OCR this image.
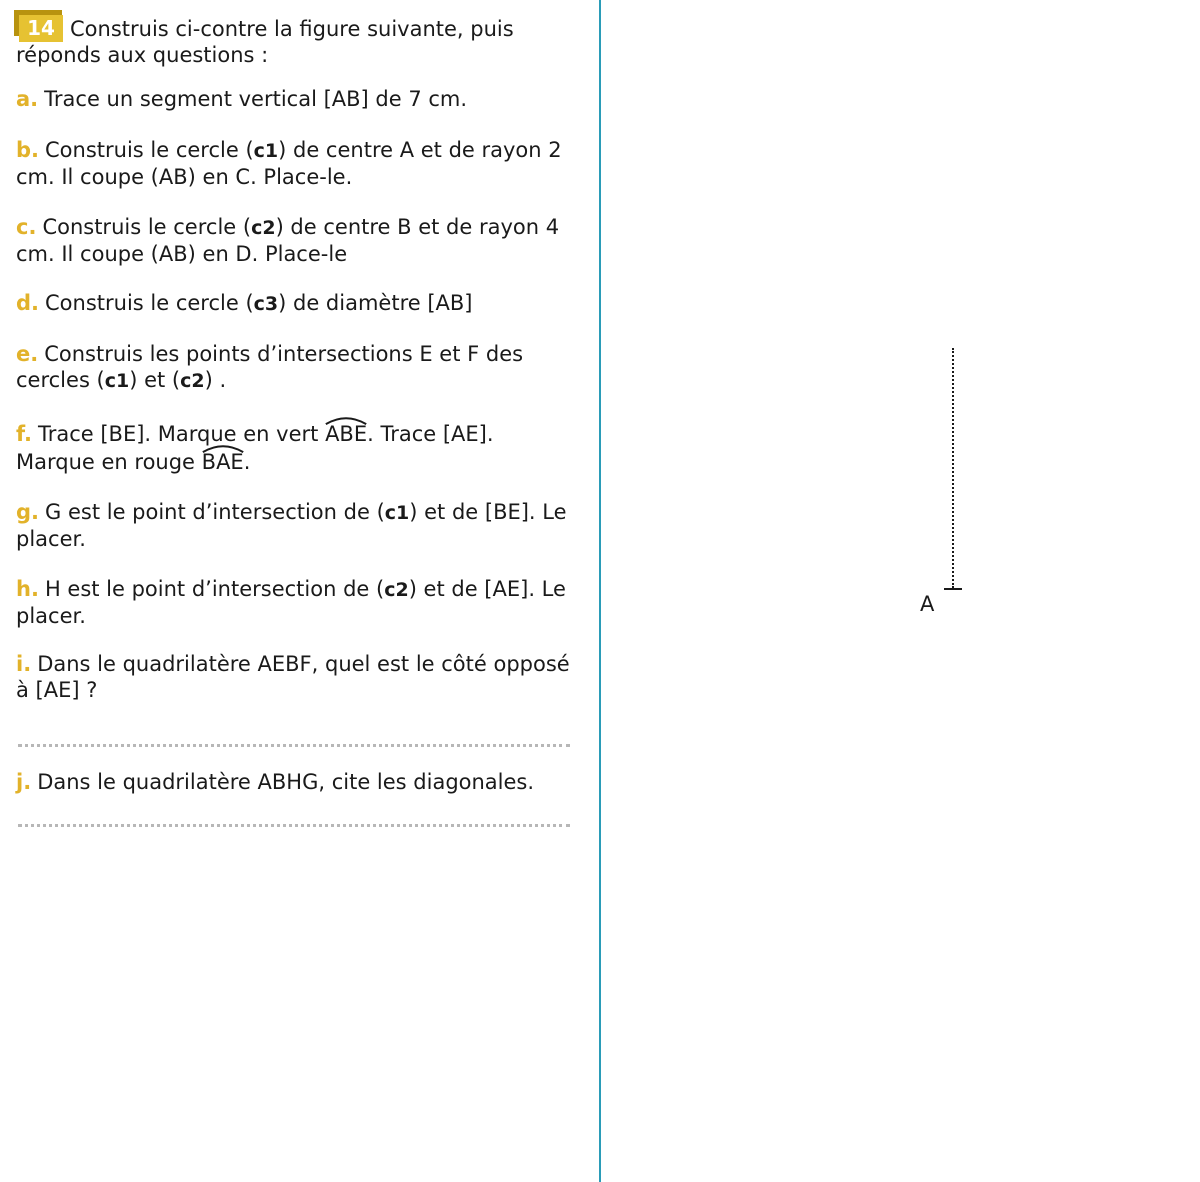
14 Construis ci-contre la figure suivante, puis réponds aux questions :
a. Trace un segment vertical [AB] de 7 cm.
b. Construis le cercle (c1) de centre A et de rayon 2 cm. Il coupe (AB) en C. Place-le.
c. Construis le cercle (c2) de centre B et de rayon 4 cm. Il coupe (AB) en D. Place-le
d. Construis le cercle (c3) de diamètre [AB]
e. Construis les points d’intersections E et F des cercles (c1) et (c2) .
f. Trace [BE]. Marque en vert
ABE. Trace [AE]. Marque en rouge
BAE.
g. G est le point d’intersection de (c1) et de [BE]. Le placer.
h. H est le point d’intersection de (c2) et de [AE]. Le placer.
i. Dans le quadrilatère AEBF, quel est le côté opposé à [AE] ?
j. Dans le quadrilatère ABHG, cite les diagonales.
A
